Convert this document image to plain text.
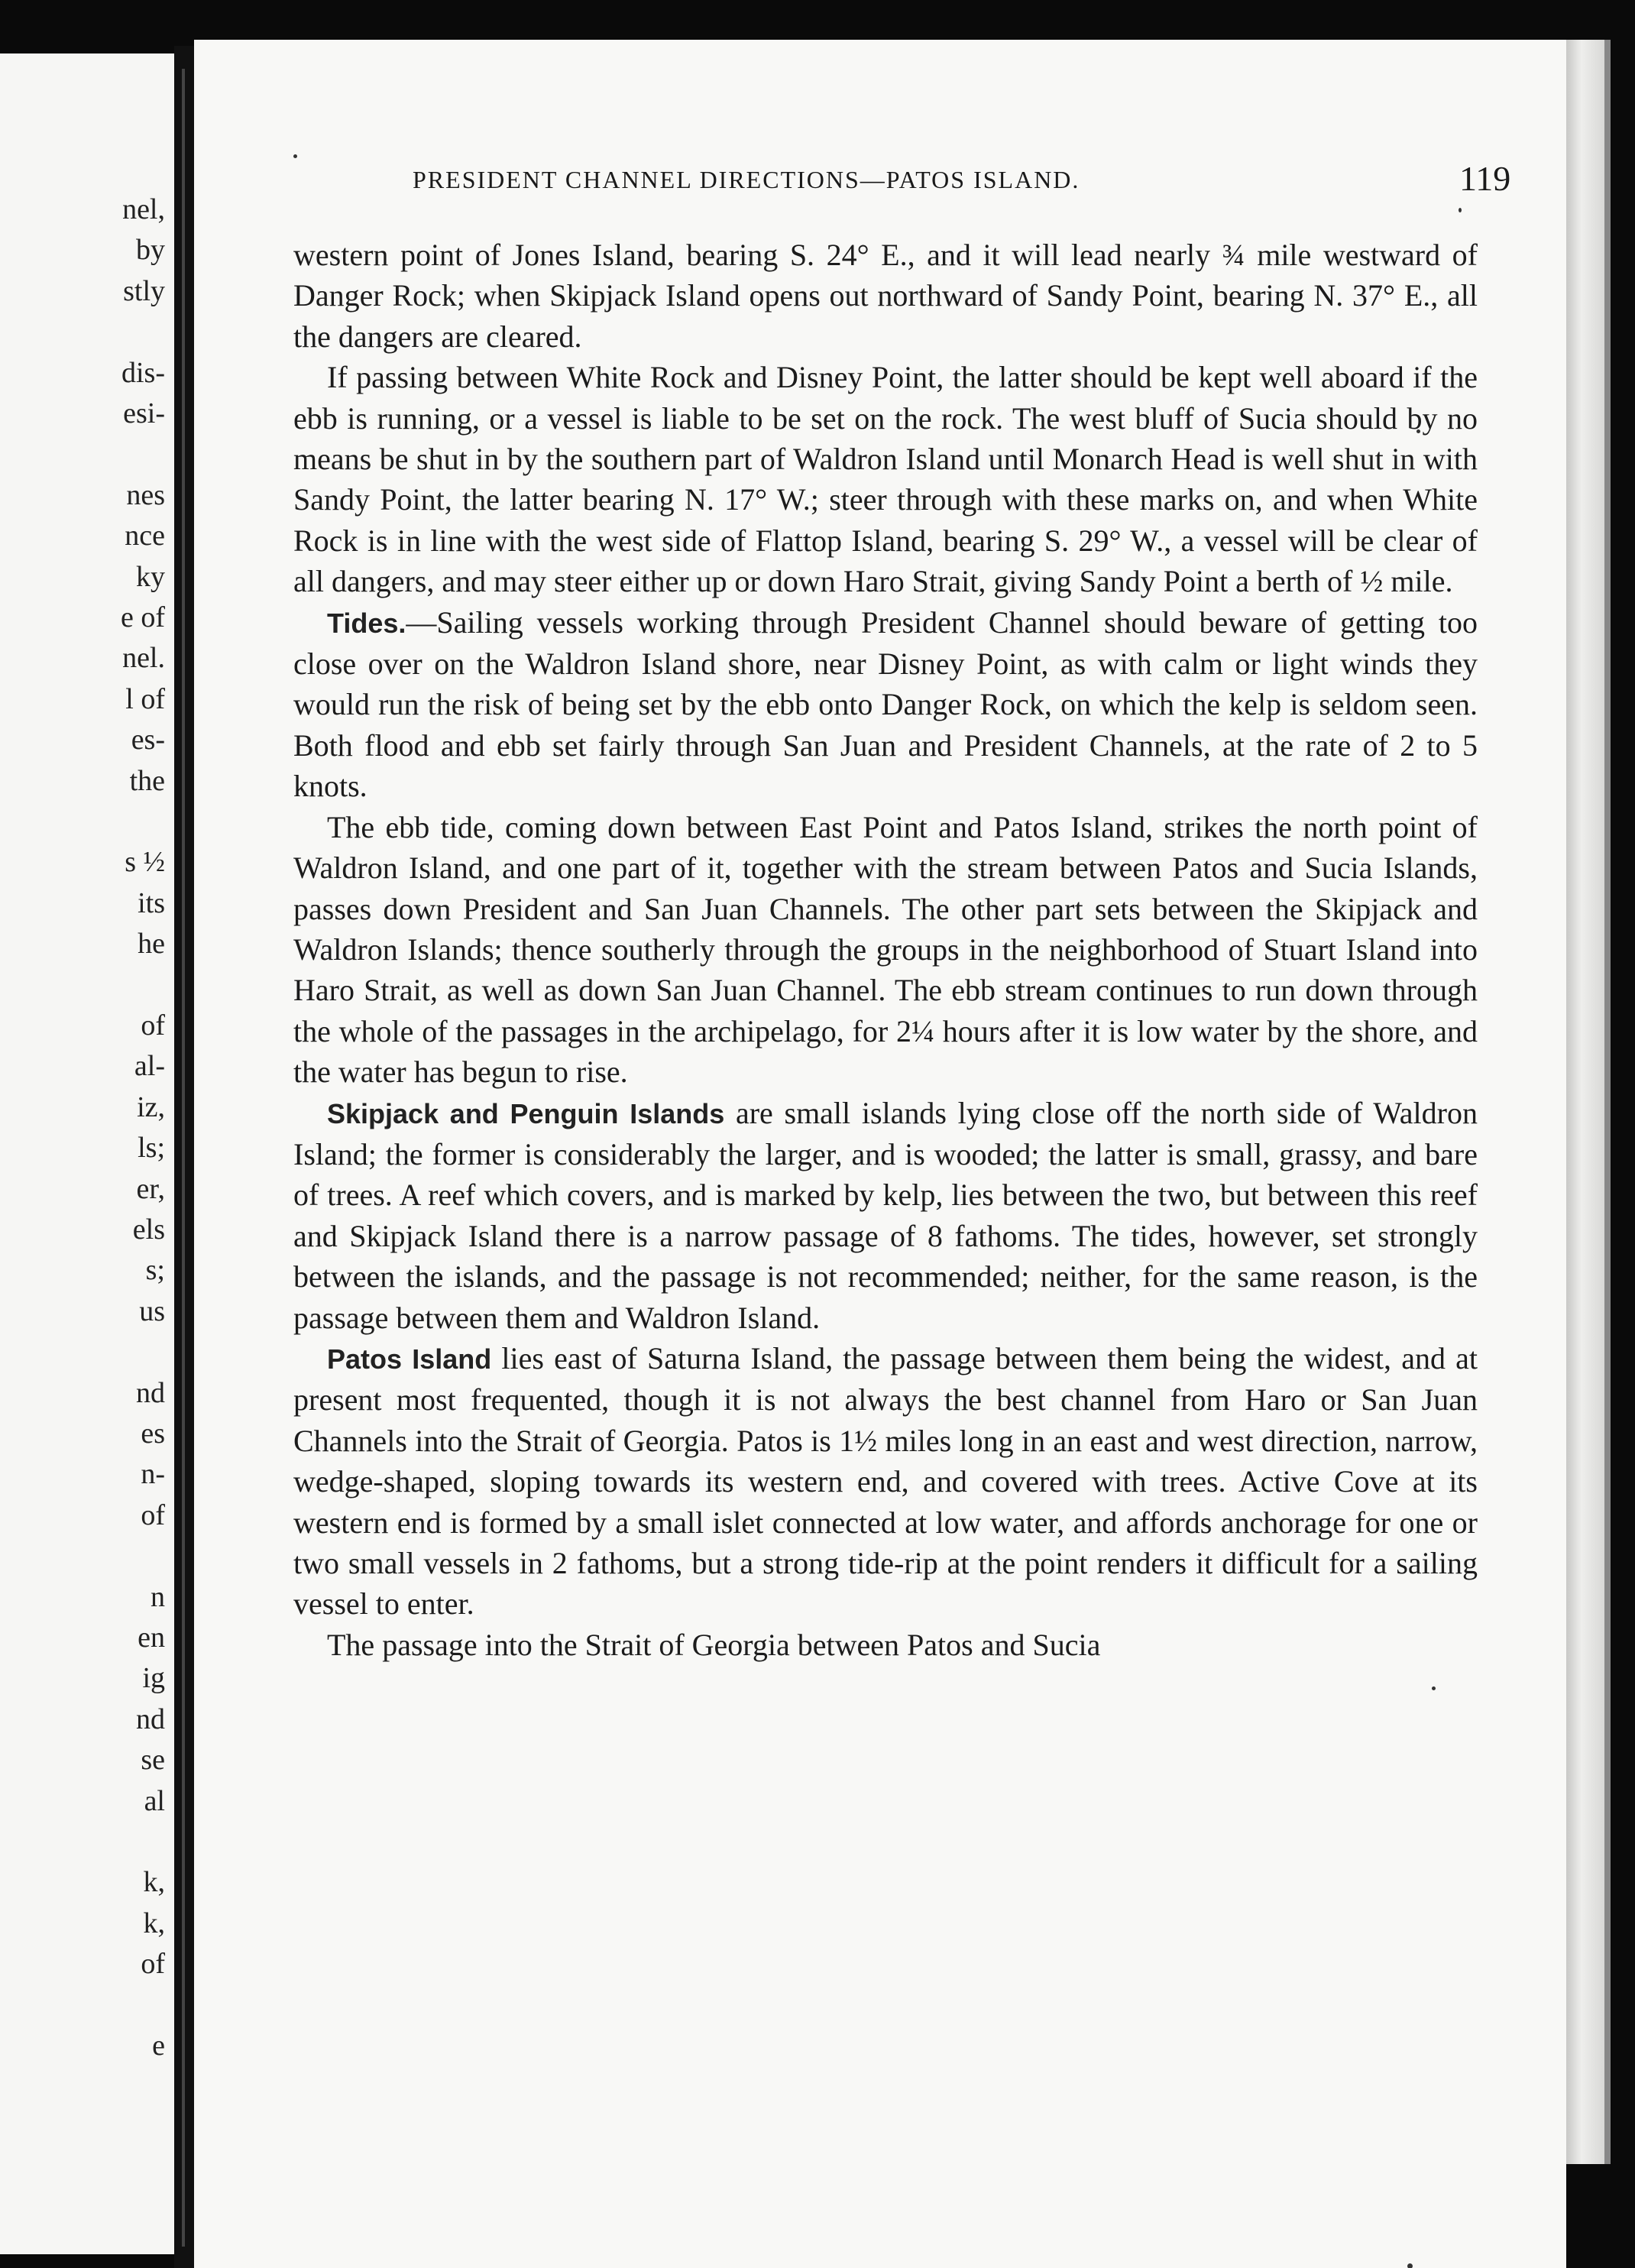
nel,
by
stly
dis-
esi-
nes
nce
ky
e of
nel.
l of
es-
the
s ½
its
he
of
al-
iz,
ls;
er,
els
s;
us
nd
es
n-
of
n
en
ig
nd
se
al
k,
k,
of
e
PRESIDENT CHANNEL DIRECTIONS—PATOS ISLAND.	119

western point of Jones Island, bearing S. 24° E., and it will lead nearly ¾ mile westward of Danger Rock; when Skipjack Island opens out northward of Sandy Point, bearing N. 37° E., all the dangers are cleared.

If passing between White Rock and Disney Point, the latter should be kept well aboard if the ebb is running, or a vessel is liable to be set on the rock. The west bluff of Sucia should by no means be shut in by the southern part of Waldron Island until Monarch Head is well shut in with Sandy Point, the latter bearing N. 17° W.; steer through with these marks on, and when White Rock is in line with the west side of Flattop Island, bearing S. 29° W., a vessel will be clear of all dangers, and may steer either up or down Haro Strait, giving Sandy Point a berth of ½ mile.

Tides.—Sailing vessels working through President Channel should beware of getting too close over on the Waldron Island shore, near Disney Point, as with calm or light winds they would run the risk of being set by the ebb onto Danger Rock, on which the kelp is seldom seen. Both flood and ebb set fairly through San Juan and President Channels, at the rate of 2 to 5 knots.

The ebb tide, coming down between East Point and Patos Island, strikes the north point of Waldron Island, and one part of it, together with the stream between Patos and Sucia Islands, passes down President and San Juan Channels. The other part sets between the Skipjack and Waldron Islands; thence southerly through the groups in the neighborhood of Stuart Island into Haro Strait, as well as down San Juan Channel. The ebb stream continues to run down through the whole of the passages in the archipelago, for 2¼ hours after it is low water by the shore, and the water has begun to rise.

Skipjack and Penguin Islands are small islands lying close off the north side of Waldron Island; the former is considerably the larger, and is wooded; the latter is small, grassy, and bare of trees. A reef which covers, and is marked by kelp, lies between the two, but between this reef and Skipjack Island there is a narrow passage of 8 fathoms. The tides, however, set strongly between the islands, and the passage is not recommended; neither, for the same reason, is the passage between them and Waldron Island.

Patos Island lies east of Saturna Island, the passage between them being the widest, and at present most frequented, though it is not always the best channel from Haro or San Juan Channels into the Strait of Georgia. Patos is 1½ miles long in an east and west direction, narrow, wedge-shaped, sloping towards its western end, and covered with trees. Active Cove at its western end is formed by a small islet connected at low water, and affords anchorage for one or two small vessels in 2 fathoms, but a strong tide-rip at the point renders it difficult for a sailing vessel to enter.

The passage into the Strait of Georgia between Patos and Sucia
